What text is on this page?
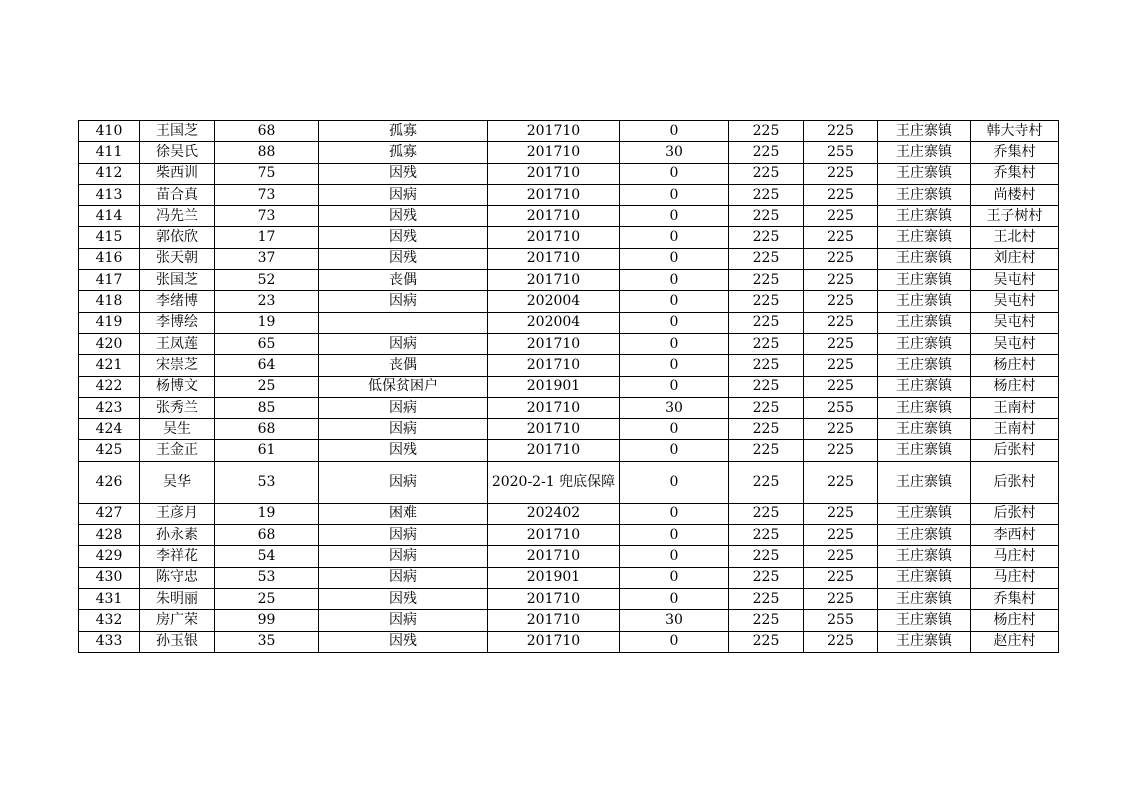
410	王国芝	68	孤寡	201710	0	225	225	王庄寨镇	韩大寺村
411	徐吴氏	88	孤寡	201710	30	225	255	王庄寨镇	乔集村
412	柴西训	75	因残	201710	0	225	225	王庄寨镇	乔集村
413	苗合真	73	因病	201710	0	225	225	王庄寨镇	尚楼村
414	冯先兰	73	因残	201710	0	225	225	王庄寨镇	王子树村
415	郭依欣	17	因残	201710	0	225	225	王庄寨镇	王北村
416	张天朝	37	因残	201710	0	225	225	王庄寨镇	刘庄村
417	张国芝	52	丧偶	201710	0	225	225	王庄寨镇	吴屯村
418	李绪博	23	因病	202004	0	225	225	王庄寨镇	吴屯村
419	李博绘	19		202004	0	225	225	王庄寨镇	吴屯村
420	王凤莲	65	因病	201710	0	225	225	王庄寨镇	吴屯村
421	宋崇芝	64	丧偶	201710	0	225	225	王庄寨镇	杨庄村
422	杨博文	25	低保贫困户	201901	0	225	225	王庄寨镇	杨庄村
423	张秀兰	85	因病	201710	30	225	255	王庄寨镇	王南村
424	吴生	68	因病	201710	0	225	225	王庄寨镇	王南村
425	王金正	61	因残	201710	0	225	225	王庄寨镇	后张村
426	吴华	53	因病	2020-2-1 兜底保障	0	225	225	王庄寨镇	后张村
427	王彦月	19	困难	202402	0	225	225	王庄寨镇	后张村
428	孙永素	68	因病	201710	0	225	225	王庄寨镇	李西村
429	李祥花	54	因病	201710	0	225	225	王庄寨镇	马庄村
430	陈守忠	53	因病	201901	0	225	225	王庄寨镇	马庄村
431	朱明丽	25	因残	201710	0	225	225	王庄寨镇	乔集村
432	房广荣	99	因病	201710	30	225	255	王庄寨镇	杨庄村
433	孙玉银	35	因残	201710	0	225	225	王庄寨镇	赵庄村
